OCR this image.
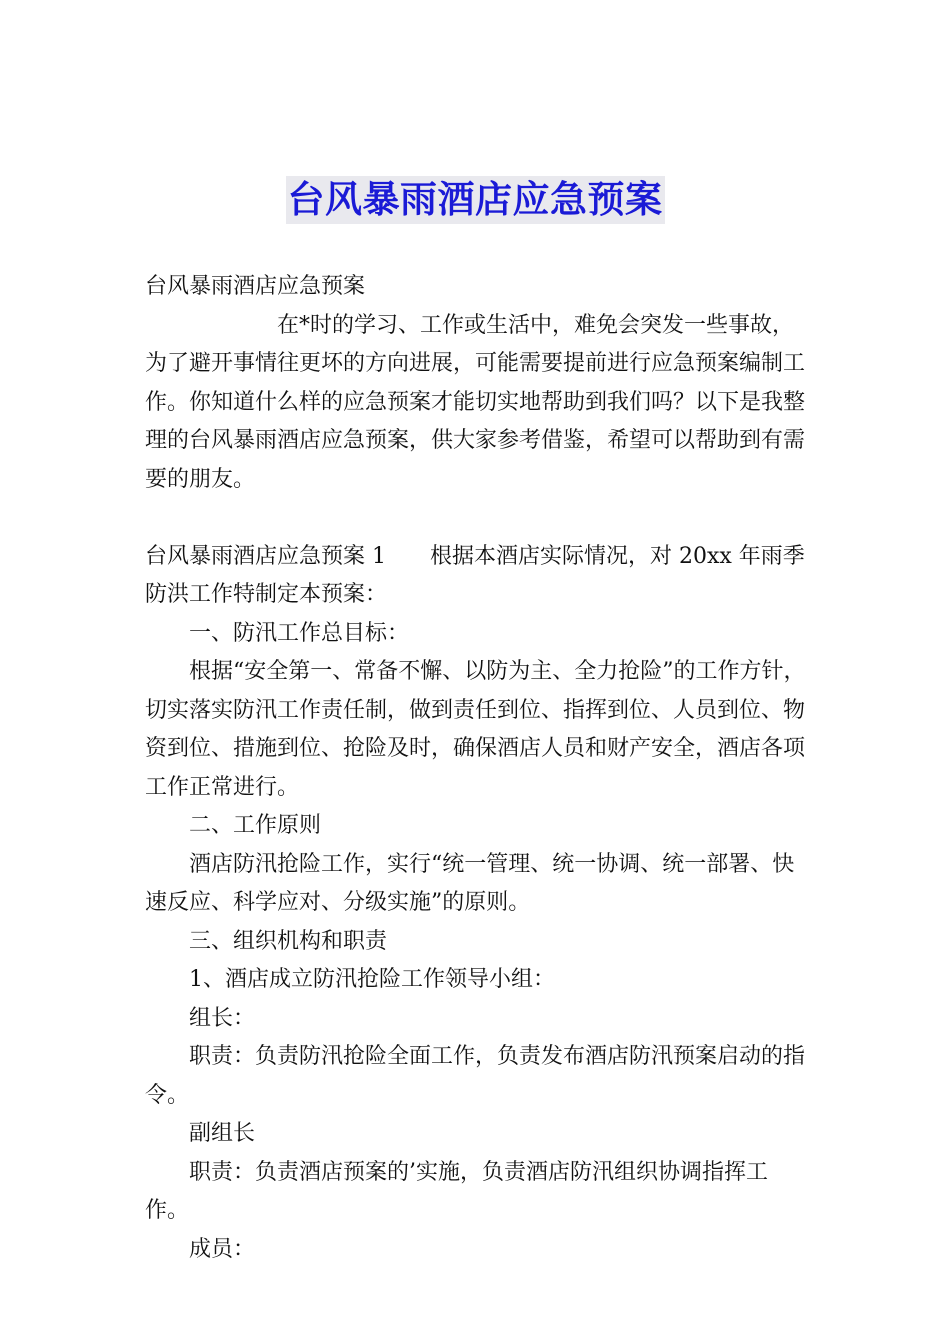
台风暴雨酒店应急预案

台风暴雨酒店应急预案

在*时的学习、工作或生活中，难免会突发一些事故，为了避开事情往更坏的方向进展，可能需要提前进行应急预案编制工作。你知道什么样的应急预案才能切实地帮助到我们吗？以下是我整理的台风暴雨酒店应急预案，供大家参考借鉴，希望可以帮助到有需要的朋友。

台风暴雨酒店应急预案 1 根据本酒店实际情况，对 20xx 年雨季防洪工作特制定本预案：

一、防汛工作总目标：

根据“安全第一、常备不懈、以防为主、全力抢险”的工作方针，切实落实防汛工作责任制，做到责任到位、指挥到位、人员到位、物资到位、措施到位、抢险及时，确保酒店人员和财产安全，酒店各项工作正常进行。

二、工作原则

酒店防汛抢险工作，实行“统一管理、统一协调、统一部署、快速反应、科学应对、分级实施”的原则。

三、组织机构和职责

1、酒店成立防汛抢险工作领导小组：

组长：

职责：负责防汛抢险全面工作，负责发布酒店防汛预案启动的指令。

副组长

职责：负责酒店预案的’实施，负责酒店防汛组织协调指挥工作。

成员：
